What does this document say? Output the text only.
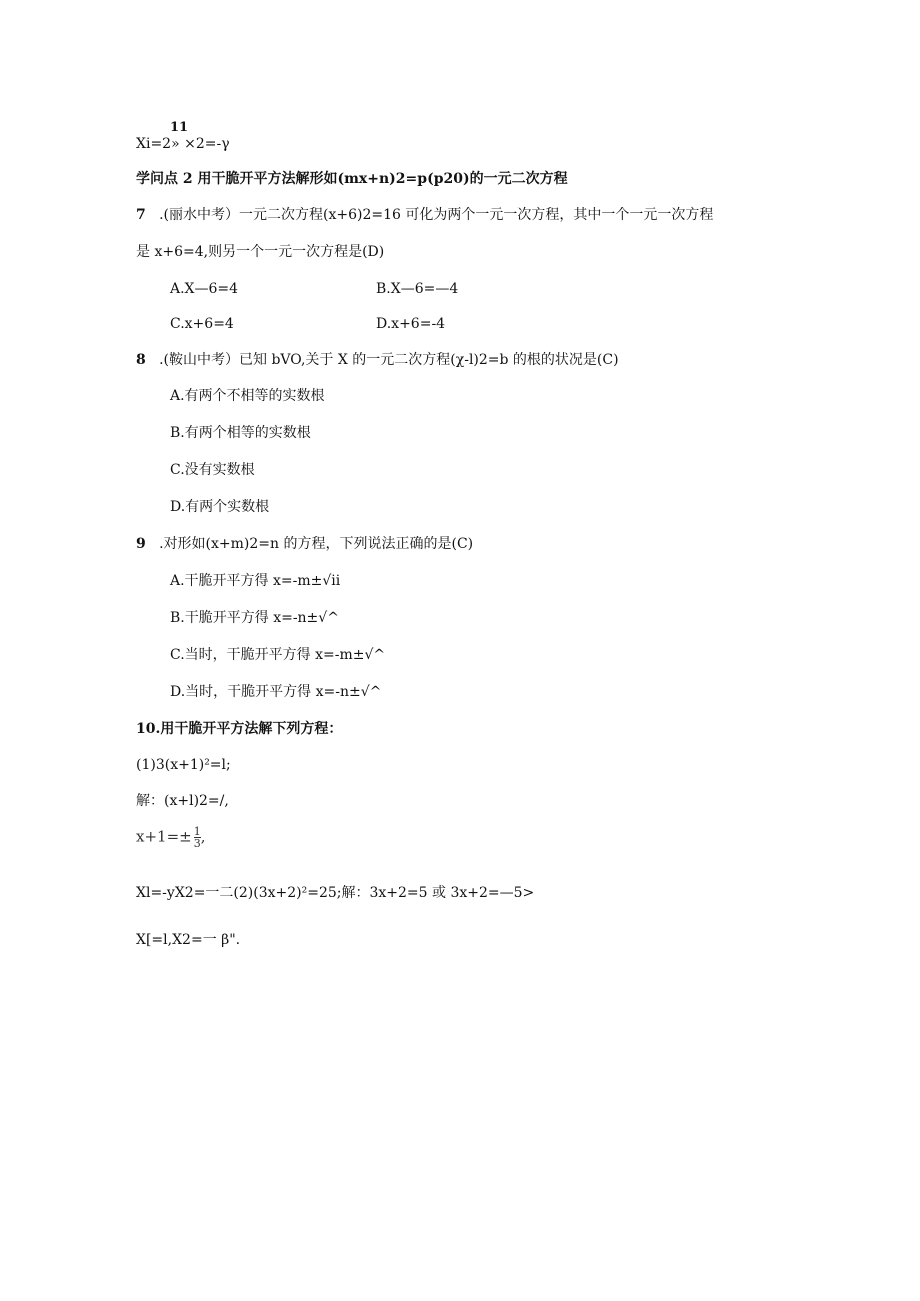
11
Xi=2» ×2=-γ
学问点 2 用干脆开平方法解形如(mx+n)2=p(p20)的一元二次方程
7 .(丽水中考）一元二次方程(x+6)2=16 可化为两个一元一次方程，其中一个一元一次方程
是 x+6=4,则另一个一元一次方程是(D)
A.X—6=4	B.X—6=—4
C.x+6=4	D.x+6=-4
8 .(鞍山中考）已知 bVO,关于 X 的一元二次方程(χ-l)2=b 的根的状况是(C)
A.有两个不相等的实数根
B.有两个相等的实数根
C.没有实数根
D.有两个实数根
9 .对形如(x+m)2=n 的方程，下列说法正确的是(C)
A.干脆开平方得 x=-m±√ii
B.干脆开平方得 x=-n±√^
C.当时，干脆开平方得 x=-m±√^
D.当时，干脆开平方得 x=-n±√^
10.用干脆开平方法解下列方程：
(1)3(x+1)²=l;
解：(x+l)2=/,
$x+1=\pm \frac{1}{3}$ ,
Xl=-yX2=一二(2)(3x+2)²=25;解：3x+2=5 或 3x+2=—5>
X[=l,X2=一 β".
